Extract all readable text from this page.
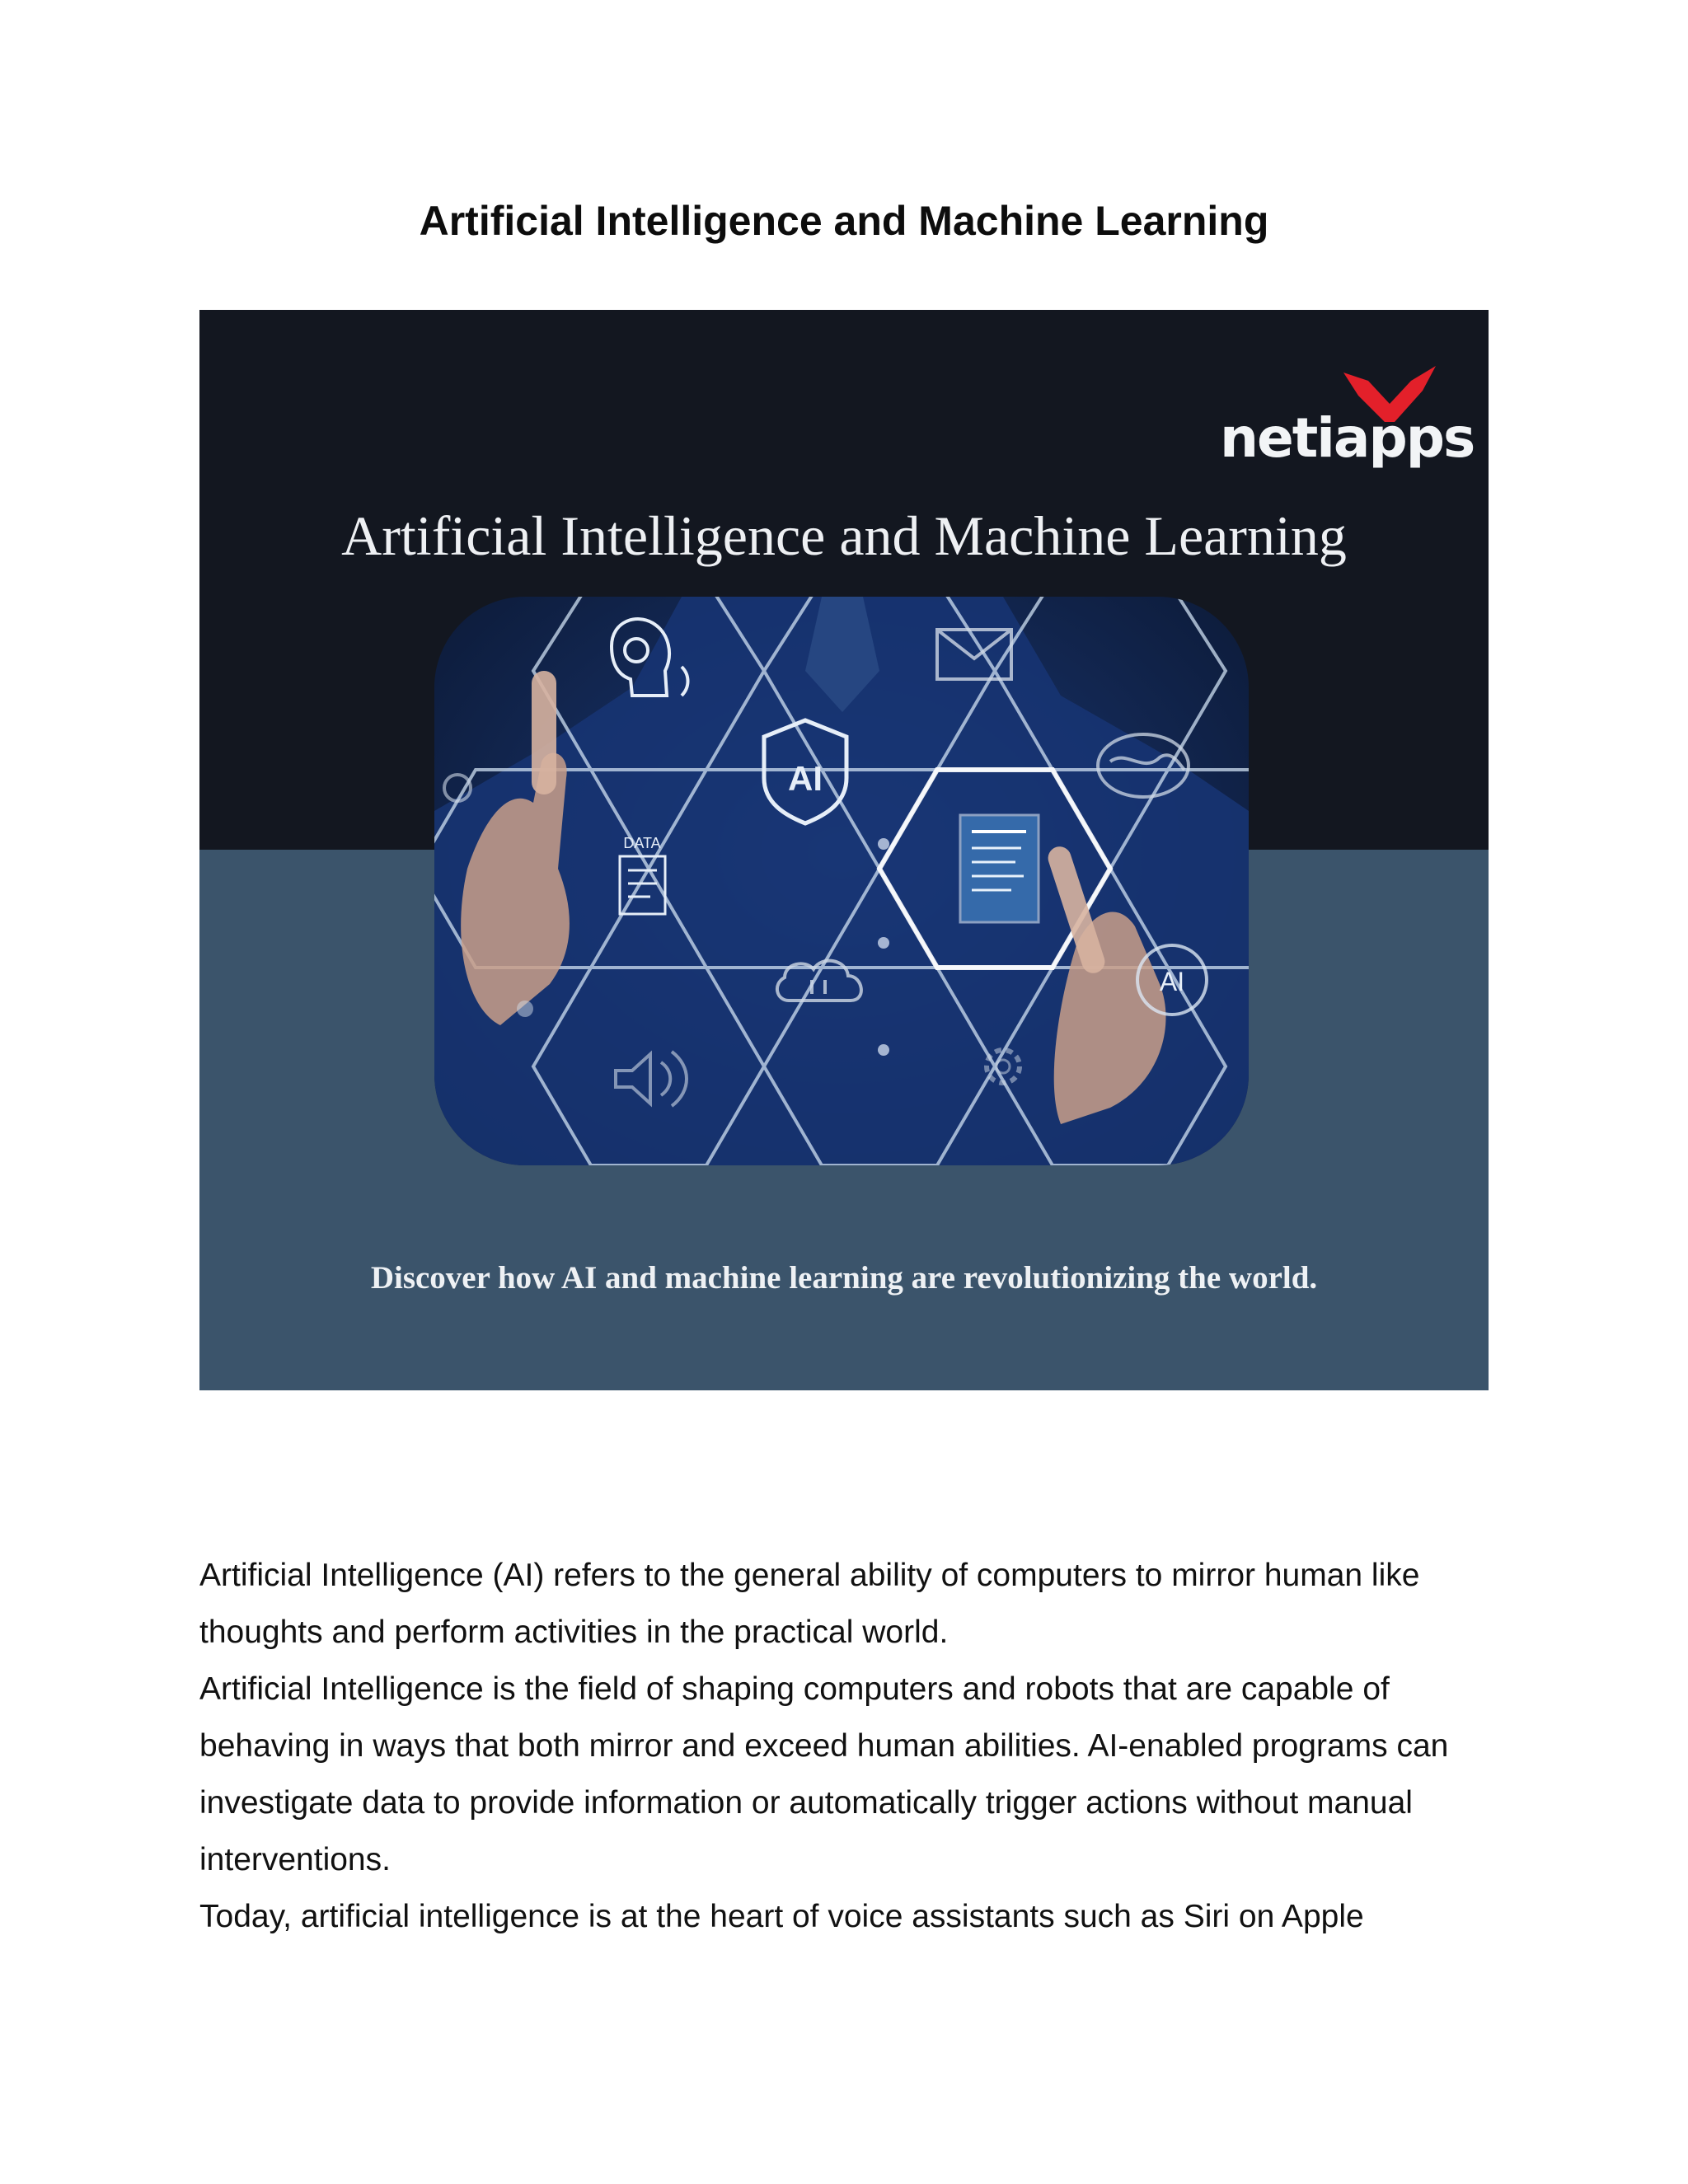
Artificial Intelligence and Machine Learning
netiapps
Artificial Intelligence and Machine Learning
AI
DATA
AI
Discover how AI and machine learning are revolutionizing the world.

Artificial Intelligence (AI) refers to the general ability of computers to mirror human like thoughts and perform activities in the practical world.

Artificial Intelligence is the field of shaping computers and robots that are capable of behaving in ways that both mirror and exceed human abilities. AI-enabled programs can investigate data to provide information or automatically trigger actions without manual interventions.

Today, artificial intelligence is at the heart of voice assistants such as Siri on Apple
